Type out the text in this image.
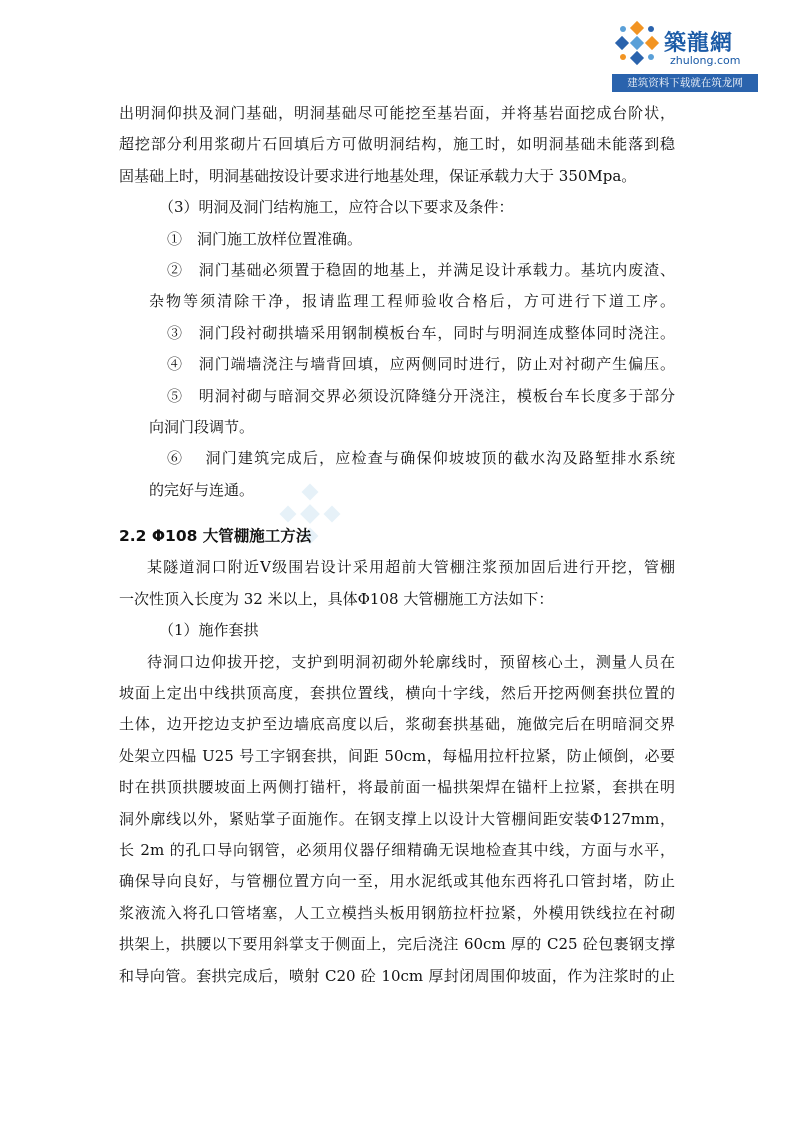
築龍網
zhulong.com
建筑资料下载就在筑龙网
出明洞仰拱及洞门基础，明洞基础尽可能挖至基岩面，并将基岩面挖成台阶状，
超挖部分利用浆砌片石回填后方可做明洞结构，施工时，如明洞基础未能落到稳
固基础上时，明洞基础按设计要求进行地基处理，保证承载力大于 350Mpa。
（3）明洞及洞门结构施工，应符合以下要求及条件：
①　洞门施工放样位置准确。
②　洞门基础必须置于稳固的地基上，并满足设计承载力。基坑内废渣、
杂物等须清除干净，报请监理工程师验收合格后，方可进行下道工序。
③　洞门段衬砌拱墙采用钢制模板台车，同时与明洞连成整体同时浇注。
④　洞门端墙浇注与墙背回填，应两侧同时进行，防止对衬砌产生偏压。
⑤　明洞衬砌与暗洞交界必须设沉降缝分开浇注，模板台车长度多于部分
向洞门段调节。
⑥　 洞门建筑完成后，应检查与确保仰坡坡顶的截水沟及路堑排水系统
的完好与连通。
2.2 Φ108 大管棚施工方法
某隧道洞口附近Ⅴ级围岩设计采用超前大管棚注浆预加固后进行开挖，管棚
一次性顶入长度为 32 米以上，具体Φ108 大管棚施工方法如下：
（1）施作套拱
待洞口边仰拔开挖，支护到明洞初砌外轮廓线时，预留核心土，测量人员在
坡面上定出中线拱顶高度，套拱位置线，横向十字线，然后开挖两侧套拱位置的
土体，边开挖边支护至边墙底高度以后，浆砌套拱基础，施做完后在明暗洞交界
处架立四榀 U25 号工字钢套拱，间距 50cm，每榀用拉杆拉紧，防止倾倒，必要
时在拱顶拱腰坡面上两侧打锚杆，将最前面一榀拱架焊在锚杆上拉紧，套拱在明
洞外廓线以外，紧贴掌子面施作。在钢支撑上以设计大管棚间距安装Φ127mm，
长 2m 的孔口导向钢管，必须用仪器仔细精确无误地检查其中线，方面与水平，
确保导向良好，与管棚位置方向一至，用水泥纸或其他东西将孔口管封堵，防止
浆液流入将孔口管堵塞，人工立模挡头板用钢筋拉杆拉紧，外模用铁线拉在衬砌
拱架上，拱腰以下要用斜掌支于侧面上，完后浇注 60cm 厚的 C25 砼包裹钢支撑
和导向管。套拱完成后，喷射 C20 砼 10cm 厚封闭周围仰坡面，作为注浆时的止
